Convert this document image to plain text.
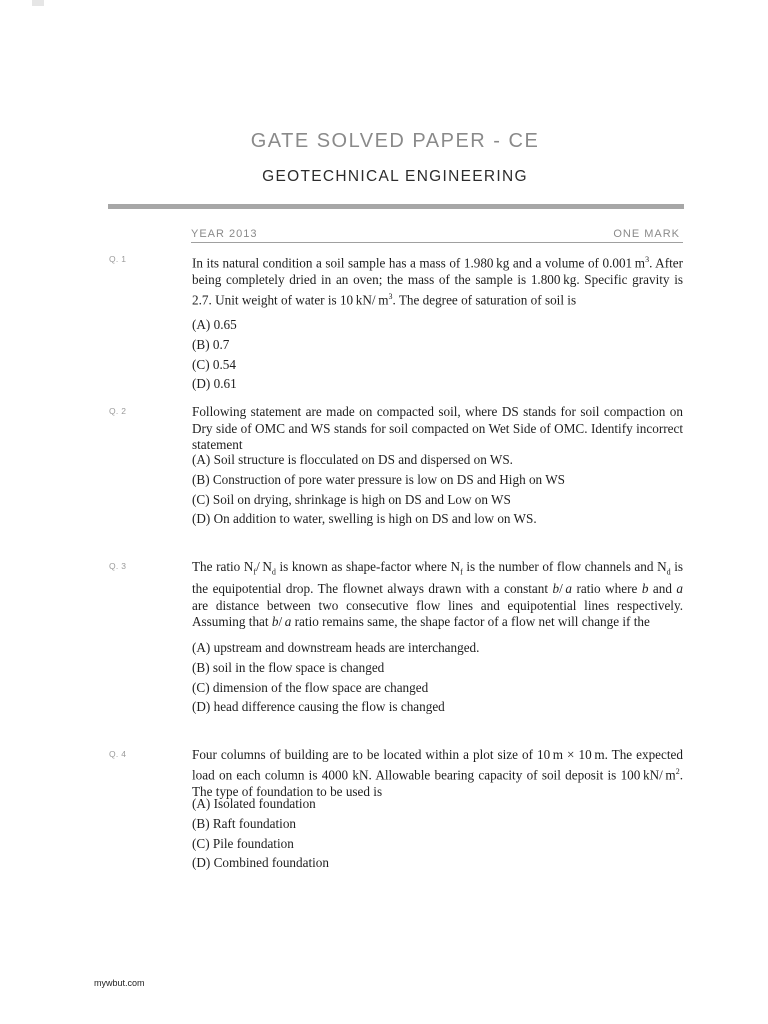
GATE SOLVED PAPER - CE
GEOTECHNICAL ENGINEERING
YEAR 2013	ONE MARK
Q. 1	In its natural condition a soil sample has a mass of 1.980 kg and a volume of 0.001 $m^3$. After being completely dried in an oven; the mass of the sample is 1.800 kg. Specific gravity is 2.7. Unit weight of water is 10 kN/ $m^3$. The degree of saturation of soil is
(A) 0.65
(B) 0.7
(C) 0.54
(D) 0.61
Q. 2	Following statement are made on compacted soil, where DS stands for soil compaction on Dry side of OMC and WS stands for soil compacted on Wet Side of OMC. Identify incorrect statement
(A) Soil structure is flocculated on DS and dispersed on WS.
(B) Construction of pore water pressure is low on DS and High on WS
(C) Soil on drying, shrinkage is high on DS and Low on WS
(D) On addition to water, swelling is high on DS and low on WS.
Q. 3	The ratio $N_f/$ $N_d$ is known as shape-factor where $N_f$ is the number of flow channels and $N_d$ is the equipotential drop. The flownet always drawn with a constant b/ a ratio where b and a are distance between two consecutive flow lines and equipotential lines respectively. Assuming that b/ a ratio remains same, the shape factor of a flow net will change if the
(A) upstream and downstream heads are interchanged.
(B) soil in the flow space is changed
(C) dimension of the flow space are changed
(D) head difference causing the flow is changed
Q. 4	Four columns of building are to be located within a plot size of 10 m × 10 m. The expected load on each column is 4000 kN. Allowable bearing capacity of soil deposit is 100 kN/ $m^2$. The type of foundation to be used is
(A) Isolated foundation
(B) Raft foundation
(C) Pile foundation
(D) Combined foundation
mywbut.com
